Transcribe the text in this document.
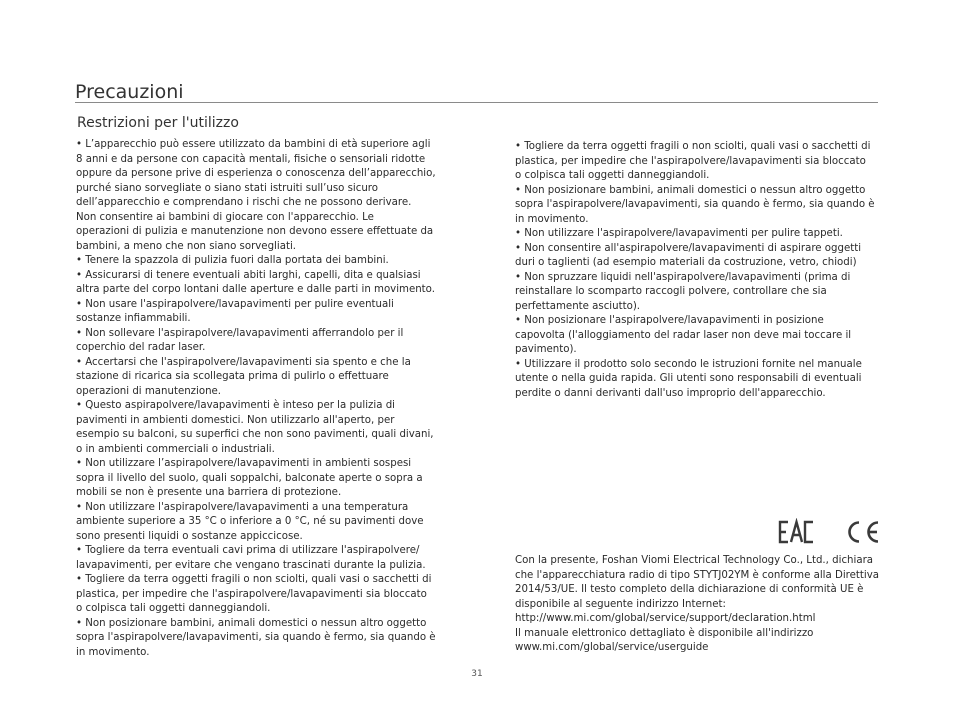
Precauzioni
Restrizioni per l'utilizzo

• L’apparecchio può essere utilizzato da bambini di età superiore agli

8 anni e da persone con capacità mentali, fisiche o sensoriali ridotte

oppure da persone prive di esperienza o conoscenza dell’apparecchio,

purché siano sorvegliate o siano stati istruiti sull’uso sicuro

dell’apparecchio e comprendano i rischi che ne possono derivare.

Non consentire ai bambini di giocare con l'apparecchio. Le

operazioni di pulizia e manutenzione non devono essere effettuate da

bambini, a meno che non siano sorvegliati.

• Tenere la spazzola di pulizia fuori dalla portata dei bambini.

• Assicurarsi di tenere eventuali abiti larghi, capelli, dita e qualsiasi

altra parte del corpo lontani dalle aperture e dalle parti in movimento.

• Non usare l'aspirapolvere/lavapavimenti per pulire eventuali

sostanze infiammabili.

• Non sollevare l'aspirapolvere/lavapavimenti afferrandolo per il

coperchio del radar laser.

• Accertarsi che l'aspirapolvere/lavapavimenti sia spento e che la

stazione di ricarica sia scollegata prima di pulirlo o effettuare

operazioni di manutenzione.

• Questo aspirapolvere/lavapavimenti è inteso per la pulizia di

pavimenti in ambienti domestici. Non utilizzarlo all'aperto, per

esempio su balconi, su superfici che non sono pavimenti, quali divani,

o in ambienti commerciali o industriali.

• Non utilizzare l’aspirapolvere/lavapavimenti in ambienti sospesi

sopra il livello del suolo, quali soppalchi, balconate aperte o sopra a

mobili se non è presente una barriera di protezione.

• Non utilizzare l'aspirapolvere/lavapavimenti a una temperatura

ambiente superiore a 35 °C o inferiore a 0 °C, né su pavimenti dove

sono presenti liquidi o sostanze appiccicose.

• Togliere da terra eventuali cavi prima di utilizzare l'aspirapolvere/

lavapavimenti, per evitare che vengano trascinati durante la pulizia.

• Togliere da terra oggetti fragili o non sciolti, quali vasi o sacchetti di

plastica, per impedire che l'aspirapolvere/lavapavimenti sia bloccato

o colpisca tali oggetti danneggiandoli.

• Non posizionare bambini, animali domestici o nessun altro oggetto

sopra l'aspirapolvere/lavapavimenti, sia quando è fermo, sia quando è

in movimento.

• Togliere da terra oggetti fragili o non sciolti, quali vasi o sacchetti di

plastica, per impedire che l'aspirapolvere/lavapavimenti sia bloccato

o colpisca tali oggetti danneggiandoli.

• Non posizionare bambini, animali domestici o nessun altro oggetto

sopra l'aspirapolvere/lavapavimenti, sia quando è fermo, sia quando è

in movimento.

• Non utilizzare l'aspirapolvere/lavapavimenti per pulire tappeti.

• Non consentire all'aspirapolvere/lavapavimenti di aspirare oggetti

duri o taglienti (ad esempio materiali da costruzione, vetro, chiodi)

• Non spruzzare liquidi nell'aspirapolvere/lavapavimenti (prima di

reinstallare lo scomparto raccogli polvere, controllare che sia

perfettamente asciutto).

• Non posizionare l'aspirapolvere/lavapavimenti in posizione

capovolta (l'alloggiamento del radar laser non deve mai toccare il

pavimento).

• Utilizzare il prodotto solo secondo le istruzioni fornite nel manuale

utente o nella guida rapida. Gli utenti sono responsabili di eventuali

perdite o danni derivanti dall'uso improprio dell'apparecchio.

Con la presente, Foshan Viomi Electrical Technology Co., Ltd., dichiara

che l'apparecchiatura radio di tipo STYTJ02YM è conforme alla Direttiva

2014/53/UE. Il testo completo della dichiarazione di conformità UE è

disponibile al seguente indirizzo Internet:

http://www.mi.com/global/service/support/declaration.html

Il manuale elettronico dettagliato è disponibile all'indirizzo

www.mi.com/global/service/userguide

31
